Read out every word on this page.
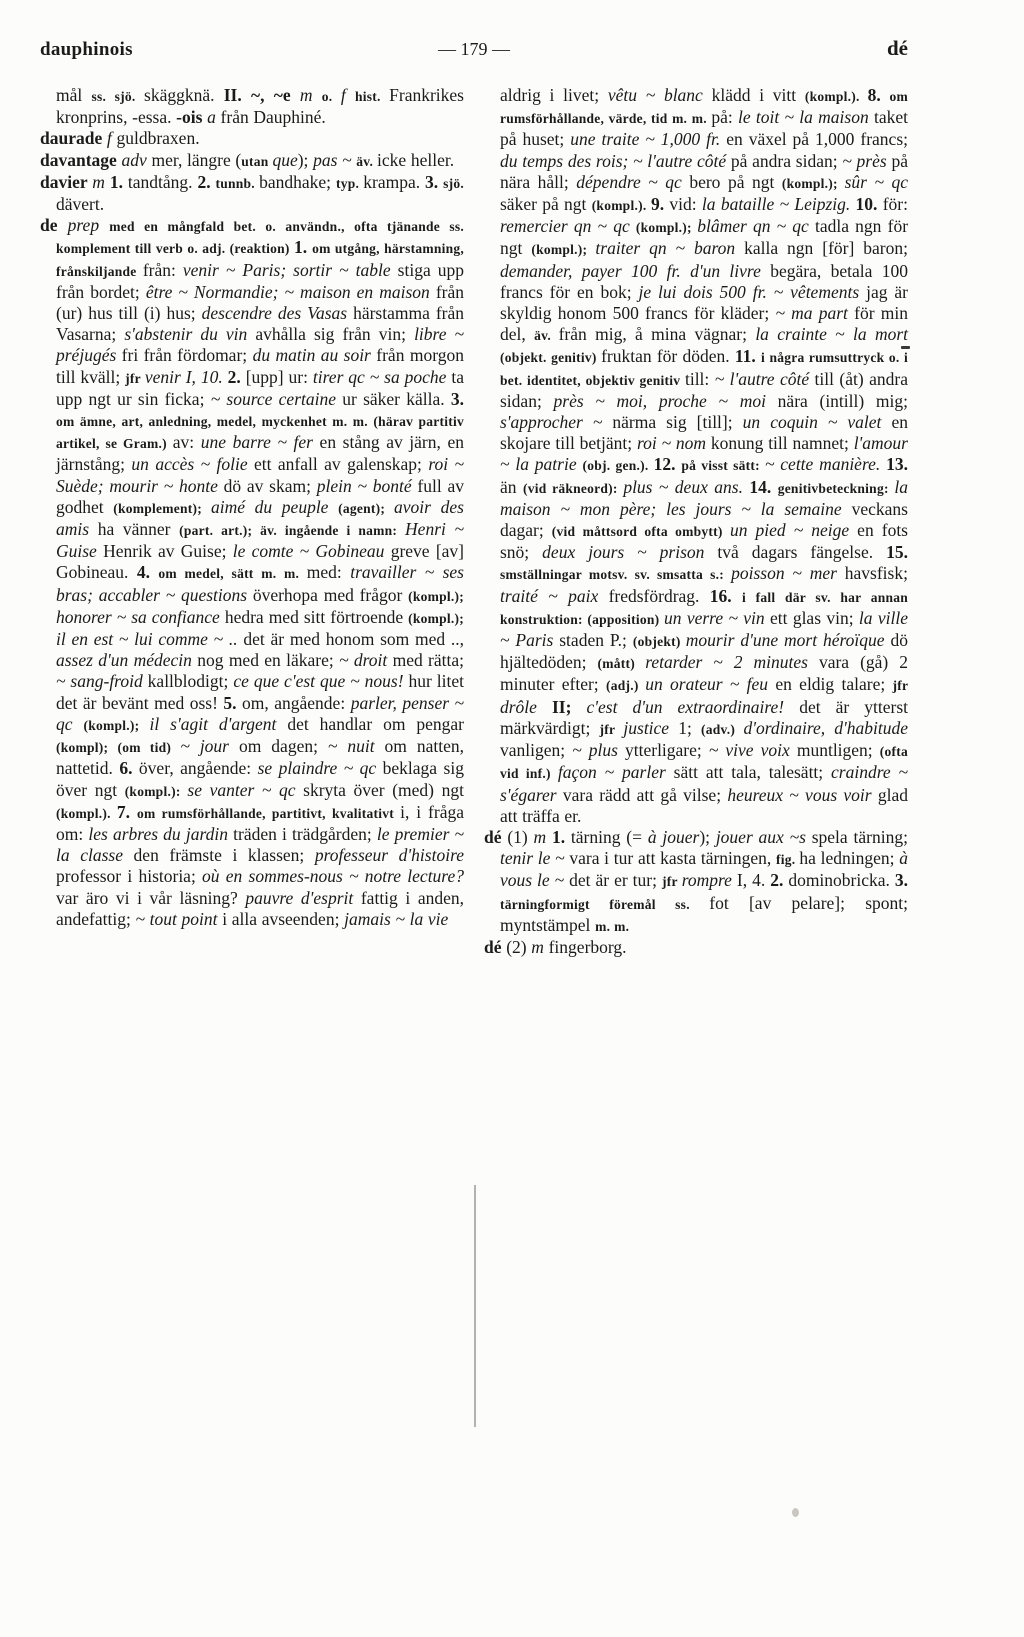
dauphinois	— 179 —	dé

mål ss. sjö. skäggknä. II. ~, ~e m o. f hist. Frankrikes kronprins, -essa. -ois a från Dauphiné.

daurade f guldbraxen.

davantage adv mer, längre (utan que); pas ~ äv. icke heller.

davier m 1. tandtång. 2. tunnb. bandhake; typ. krampa. 3. sjö. dävert.

de prep med en mångfald bet. o. användn., ofta tjänande ss. komplement till verb o. adj. (reaktion) 1. om utgång, härstamning, frånskiljande från: venir ~ Paris; sortir ~ table stiga upp från bordet; être ~ Normandie; ~ maison en maison från (ur) hus till (i) hus; descendre des Vasas härstamma från Vasarna; s'abstenir du vin avhålla sig från vin; libre ~ préjugés fri från fördomar; du matin au soir från morgon till kväll; jfr venir I, 10. 2. [upp] ur: tirer qc ~ sa poche ta upp ngt ur sin ficka; ~ source certaine ur säker källa. 3. om ämne, art, anledning, medel, myckenhet m. m. (härav partitiv artikel, se Gram.) av: une barre ~ fer en stång av järn, en järnstång; un accès ~ folie ett anfall av galenskap; roi ~ Suède; mourir ~ honte dö av skam; plein ~ bonté full av godhet (komplement); aimé du peuple (agent); avoir des amis ha vänner (part. art.); äv. ingående i namn: Henri ~ Guise Henrik av Guise; le comte ~ Gobineau greve [av] Gobineau. 4. om medel, sätt m. m. med: travailler ~ ses bras; accabler ~ questions överhopa med frågor (kompl.); honorer ~ sa confiance hedra med sitt förtroende (kompl.); il en est ~ lui comme ~ .. det är med honom som med .., assez d'un médecin nog med en läkare; ~ droit med rätta; ~ sang-froid kallblodigt; ce que c'est que ~ nous! hur litet det är bevänt med oss! 5. om, angående: parler, penser ~ qc (kompl.); il s'agit d'argent det handlar om pengar (kompl); (om tid) ~ jour om dagen; ~ nuit om natten, nattetid. 6. över, angående: se plaindre ~ qc beklaga sig över ngt (kompl.): se vanter ~ qc skryta över (med) ngt (kompl.). 7. om rumsförhållande, partitivt, kvalitativt i, i fråga om: les arbres du jardin träden i trädgården; le premier ~ la classe den främste i klassen; professeur d'histoire professor i historia; où en sommes-nous ~ notre lecture? var äro vi i vår läsning? pauvre d'esprit fattig i anden, andefattig; ~ tout point i alla avseenden; jamais ~ la vie

aldrig i livet; vêtu ~ blanc klädd i vitt (kompl.). 8. om rumsförhållande, värde, tid m. m. på: le toit ~ la maison taket på huset; une traite ~ 1,000 fr. en växel på 1,000 francs; du temps des rois; ~ l'autre côté på andra sidan; ~ près på nära håll; dépendre ~ qc bero på ngt (kompl.); sûr ~ qc säker på ngt (kompl.). 9. vid: la bataille ~ Leipzig. 10. för: remercier qn ~ qc (kompl.); blâmer qn ~ qc tadla ngn för ngt (kompl.); traiter qn ~ baron kalla ngn [för] baron; demander, payer 100 fr. d'un livre begära, betala 100 francs för en bok; je lui dois 500 fr. ~ vêtements jag är skyldig honom 500 francs för kläder; ~ ma part för min del, äv. från mig, å mina vägnar; la crainte ~ la mort (objekt. genitiv) fruktan för döden. 11. i några rumsuttryck o. i bet. identitet, objektiv genitiv till: ~ l'autre côté till (åt) andra sidan; près ~ moi, proche ~ moi nära (intill) mig; s'approcher ~ närma sig [till]; un coquin ~ valet en skojare till betjänt; roi ~ nom konung till namnet; l'amour ~ la patrie (obj. gen.). 12. på visst sätt: ~ cette manière. 13. än (vid räkneord): plus ~ deux ans. 14. genitivbeteckning: la maison ~ mon père; les jours ~ la semaine veckans dagar; (vid måttsord ofta ombytt) un pied ~ neige en fots snö; deux jours ~ prison två dagars fängelse. 15. smställningar motsv. sv. smsatta s.: poisson ~ mer havsfisk; traité ~ paix fredsfördrag. 16. i fall där sv. har annan konstruktion: (apposition) un verre ~ vin ett glas vin; la ville ~ Paris staden P.; (objekt) mourir d'une mort héroïque dö hjältedöden; (mått) retarder ~ 2 minutes vara (gå) 2 minuter efter; (adj.) un orateur ~ feu en eldig talare; jfr drôle II; c'est d'un extraordinaire! det är ytterst märkvärdigt; jfr justice 1; (adv.) d'ordinaire, d'habitude vanligen; ~ plus ytterligare; ~ vive voix muntligen; (ofta vid inf.) façon ~ parler sätt att tala, talesätt; craindre ~ s'égarer vara rädd att gå vilse; heureux ~ vous voir glad att träffa er.

dé (1) m 1. tärning (= à jouer); jouer aux ~s spela tärning; tenir le ~ vara i tur att kasta tärningen, fig. ha ledningen; à vous le ~ det är er tur; jfr rompre I, 4. 2. dominobricka. 3. tärningformigt föremål ss. fot [av pelare]; spont; myntstämpel m. m.

dé (2) m fingerborg.
